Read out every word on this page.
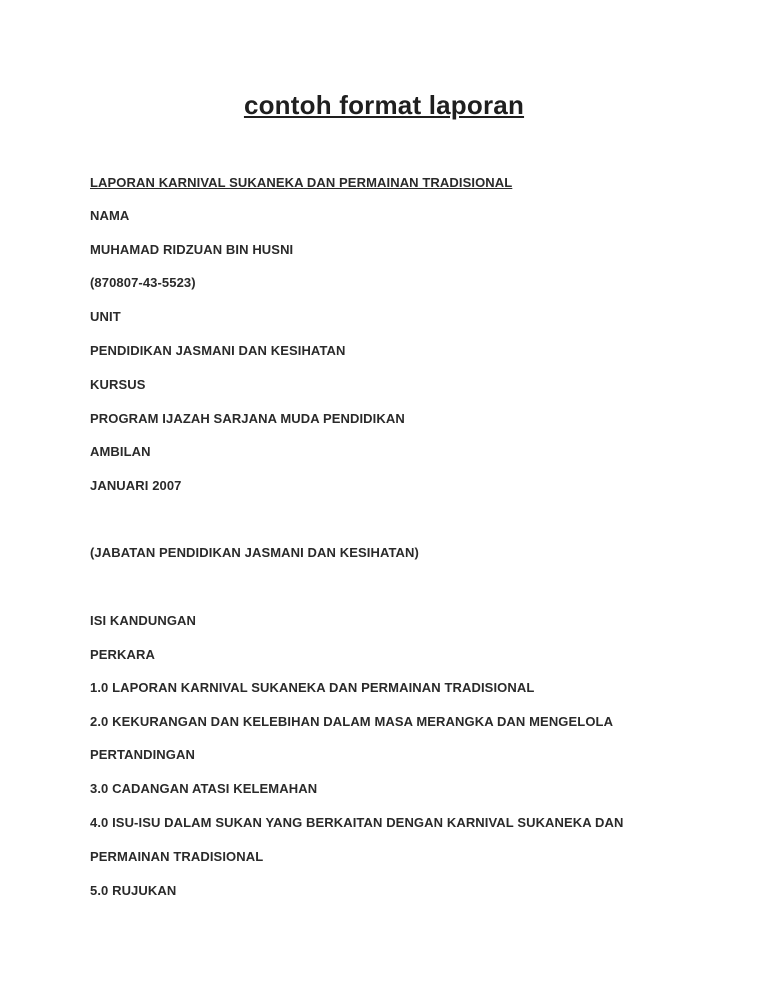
contoh format laporan
LAPORAN KARNIVAL SUKANEKA DAN PERMAINAN TRADISIONAL
NAMA
MUHAMAD RIDZUAN BIN HUSNI
(870807-43-5523)
UNIT
PENDIDIKAN JASMANI DAN KESIHATAN
KURSUS
PROGRAM IJAZAH SARJANA MUDA PENDIDIKAN
AMBILAN
JANUARI 2007
(JABATAN PENDIDIKAN JASMANI DAN KESIHATAN)
ISI KANDUNGAN
PERKARA
1.0 LAPORAN KARNIVAL SUKANEKA DAN PERMAINAN TRADISIONAL
2.0 KEKURANGAN DAN KELEBIHAN DALAM MASA MERANGKA DAN MENGELOLA
PERTANDINGAN
3.0 CADANGAN ATASI KELEMAHAN
4.0 ISU-ISU DALAM SUKAN YANG BERKAITAN DENGAN KARNIVAL SUKANEKA DAN
PERMAINAN TRADISIONAL
5.0 RUJUKAN
